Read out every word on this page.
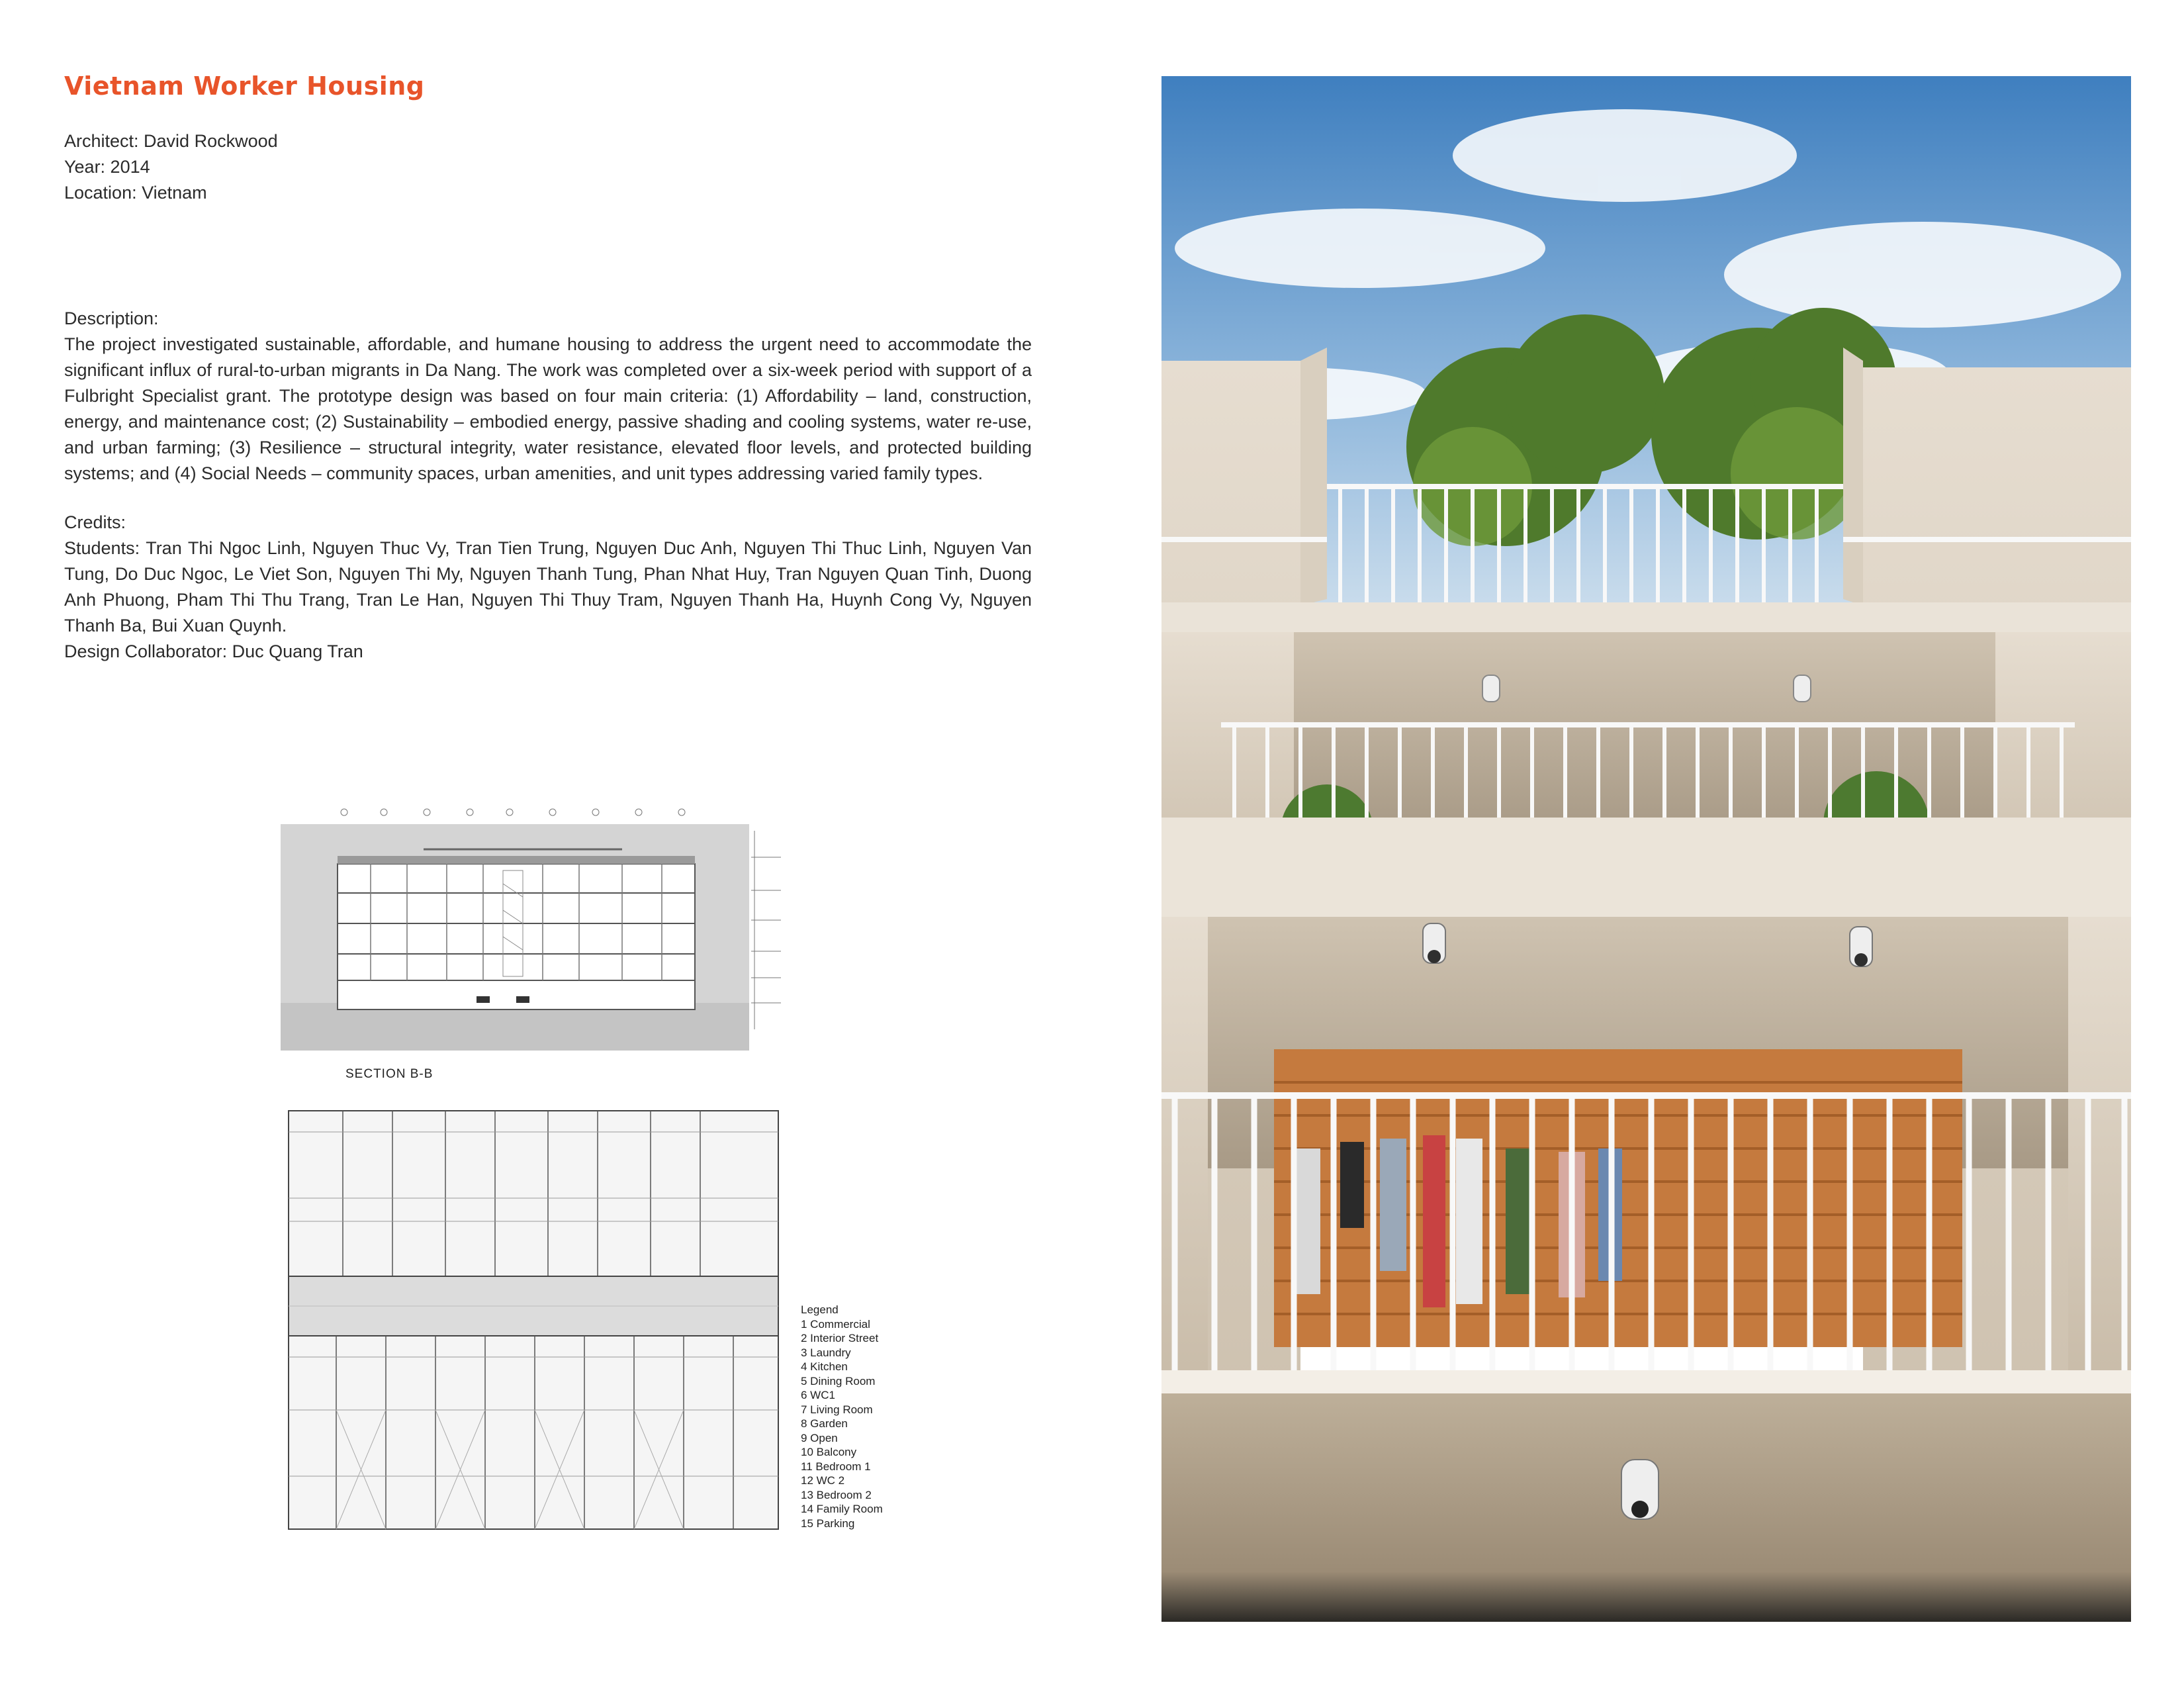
Vietnam Worker Housing
Architect: David Rockwood
Year: 2014
Location: Vietnam

Description:

The project investigated sustainable, affordable, and humane housing to address the urgent need to accommodate the significant influx of rural-to-urban migrants in Da Nang. The work was completed over a six-week period with support of a Fulbright Specialist grant. The prototype design was based on four main criteria: (1) Affordability – land, construction, energy, and maintenance cost; (2) Sustainability – embodied energy, passive shading and cooling systems, water re-use, and urban farming; (3) Resilience – structural integrity, water resistance, elevated floor levels, and protected building systems; and (4) Social Needs – community spaces, urban amenities, and unit types addressing varied family types.

Credits:

Students: Tran Thi Ngoc Linh, Nguyen Thuc Vy, Tran Tien Trung, Nguyen Duc Anh, Nguyen Thi Thuc Linh, Nguyen Van Tung, Do Duc Ngoc, Le Viet Son, Nguyen Thi My, Nguyen Thanh Tung, Phan Nhat Huy, Tran Nguyen Quan Tinh, Duong Anh Phuong, Pham Thi Thu Trang, Tran Le Han, Nguyen Thi Thuy Tram, Nguyen Thanh Ha, Huynh Cong Vy, Nguyen Thanh Ba, Bui Xuan Quynh.

Design Collaborator: Duc Quang Tran

SECTION B-B
Legend
1 Commercial
2 Interior Street
3 Laundry
4 Kitchen
5 Dining Room
6 WC1
7 Living Room
8 Garden
9 Open
10 Balcony
11 Bedroom 1
12 WC 2
13 Bedroom 2
14 Family Room
15 Parking
